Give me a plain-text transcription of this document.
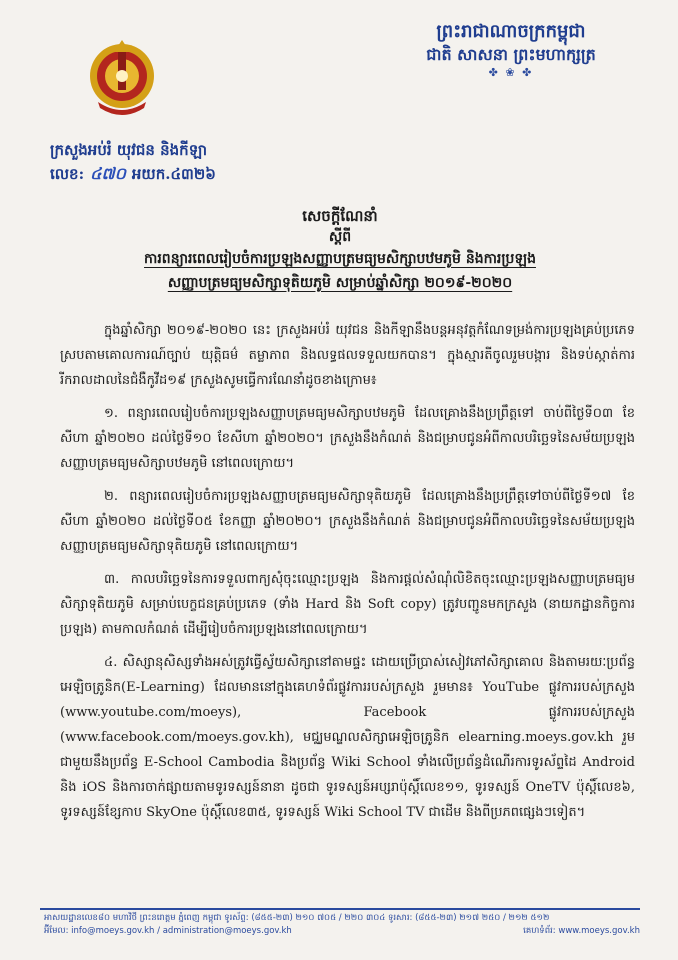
ព្រះរាជាណាចក្រកម្ពុជា
ជាតិ សាសនា ព្រះមហាក្សត្រ
✤ ❀ ✤
ក្រសួងអប់រំ យុវជន និងកីឡា
លេខ: ៤៧០ អយក.៤៣២៦
សេចក្តីណែនាំ
ស្តីពី
ការពន្យារពេលរៀបចំការប្រឡងសញ្ញាបត្រមធ្យមសិក្សាបឋមភូមិ និងការប្រឡង
សញ្ញាបត្រមធ្យមសិក្សាទុតិយភូមិ សម្រាប់ឆ្នាំសិក្សា ២០១៩-២០២០

ក្នុងឆ្នាំសិក្សា ២០១៩-២០២០ នេះ ក្រសួងអប់រំ យុវជន និងកីឡានឹងបន្តអនុវត្តកំណែទម្រង់ការប្រឡងគ្រប់ប្រភេទ ស្របតាមគោលការណ៍ច្បាប់ យុត្តិធម៌ តម្លាភាព និងលទ្ធផលទទួលយកបាន។ ក្នុងស្មារតីចូលរួមបង្ការ និងទប់ស្កាត់ការរីករាលដាលនៃជំងឺកូវីដ១៩ ក្រសួងសូមធ្វើការណែនាំដូចខាងក្រោម៖

១. ពន្យារពេលរៀបចំការប្រឡងសញ្ញាបត្រមធ្យមសិក្សាបឋមភូមិ ដែលគ្រោងនឹងប្រព្រឹត្តទៅ ចាប់ពីថ្ងៃទី០៣ ខែសីហា ឆ្នាំ២០២០ ដល់ថ្ងៃទី១០ ខែសីហា ឆ្នាំ២០២០។ ក្រសួងនឹងកំណត់ និងជម្រាបជូនអំពីកាលបរិច្ឆេទនៃសម័យប្រឡងសញ្ញាបត្រមធ្យមសិក្សាបឋមភូមិ នៅពេលក្រោយ។

២. ពន្យារពេលរៀបចំការប្រឡងសញ្ញាបត្រមធ្យមសិក្សាទុតិយភូមិ ដែលគ្រោងនឹងប្រព្រឹត្តទៅចាប់ពីថ្ងៃទី១៧ ខែសីហា ឆ្នាំ២០២០ ដល់ថ្ងៃទី០៥ ខែកញ្ញា ឆ្នាំ២០២០។ ក្រសួងនឹងកំណត់ និងជម្រាបជូនអំពីកាលបរិច្ឆេទនៃសម័យប្រឡងសញ្ញាបត្រមធ្យមសិក្សាទុតិយភូមិ នៅពេលក្រោយ។

៣. កាលបរិច្ឆេទនៃការទទួលពាក្យសុំចុះឈ្មោះប្រឡង និងការផ្តល់សំណុំលិខិតចុះឈ្មោះប្រឡងសញ្ញាបត្រមធ្យមសិក្សាទុតិយភូមិ សម្រាប់បេក្ខជនគ្រប់ប្រភេទ (ទាំង Hard និង Soft copy) ត្រូវបញ្ជូនមកក្រសួង (នាយកដ្ឋានកិច្ចការប្រឡង) តាមកាលកំណត់ ដើម្បីរៀបចំការប្រឡងនៅពេលក្រោយ។

៤. សិស្សានុសិស្សទាំងអស់ត្រូវធ្វើស្វ័យសិក្សានៅតាមផ្ទះ ដោយប្រើប្រាស់សៀវភៅសិក្សាគោល និងតាមរយៈប្រព័ន្ធអេឡិចត្រូនិក(E-Learning) ដែលមាននៅក្នុងគេហទំព័រផ្លូវការរបស់ក្រសួង រួមមាន៖ YouTube ផ្លូវការរបស់ក្រសួង (www.youtube.com/moeys), Facebook ផ្លូវការរបស់ក្រសួង (www.facebook.com/moeys.gov.kh), មជ្ឈមណ្ឌលសិក្សាអេឡិចត្រូនិក elearning.moeys.gov.kh រួមជាមួយនឹងប្រព័ន្ធ E-School Cambodia និងប្រព័ន្ធ Wiki School ទាំងលើប្រព័ន្ធដំណើរការទូរស័ព្ទដៃ Android និង iOS និងការចាក់ផ្សាយតាមទូរទស្សន៍នានា ដូចជា ទូរទស្សន៍អប្សរាប៉ុស្តិ៍លេខ១១, ទូរទស្សន៍ OneTV ប៉ុស្តិ៍លេខ៦, ទូរទស្សន៍ខ្សែកាប SkyOne ប៉ុស្តិ៍លេខ៣៥, ទូរទស្សន៍ Wiki School TV ជាដើម និងពីប្រភពផ្សេងៗទៀត។

អាសយដ្ឋានលេខ៨០ មហាវិថី ព្រះនរោត្តម ភ្នំពេញ កម្ពុជា ទូរស័ព្ទ: (៨៥៥-២៣) ២១០ ៧០៥ / ២២០ ៣០៤ ទូរសារ: (៨៥៥-២៣) ២១៧ ២៥០ / ២១២ ៥១២
អ៊ីមែល: info@moeys.gov.kh / administration@moeys.gov.kh	គេហទំព័រ: www.moeys.gov.kh
